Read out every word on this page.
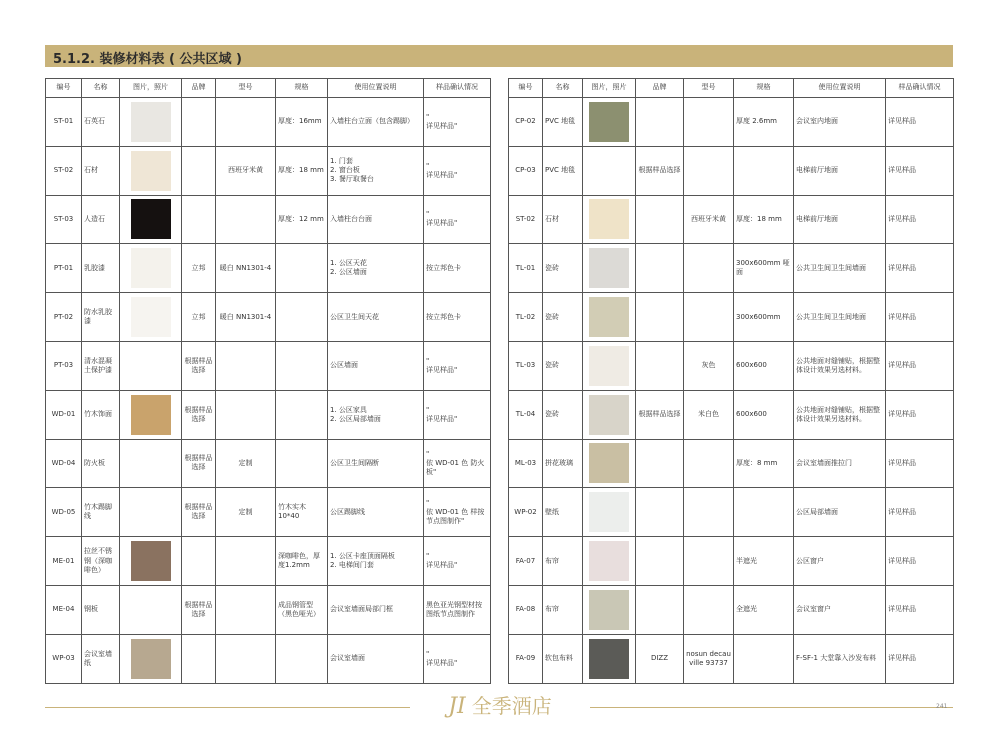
5.1.2. 装修材料表 ( 公共区域 )
编号	名称	图片，照片	品牌	型号	规格	使用位置说明	样品确认情况
ST-01	石英石				厚度：16mm	入墙柱台立面（包含踢脚）	"
详见样品"
ST-02	石材			西班牙米黄	厚度：18 mm	1. 门套
2. 窗台板
3. 餐厅取餐台	"
详见样品"
ST-03	人造石				厚度：12 mm	入墙柱台台面	"
详见样品"
PT-01	乳胶漆		立邦	暖白 NN1301-4		1. 公区天花
2. 公区墙面	按立邦色卡
PT-02	防水乳胶漆		立邦	暖白 NN1301-4		公区卫生间天花	按立邦色卡
PT-03	清水混凝土保护漆		根据样品选择			公区墙面	"
详见样品"
WD-01	竹木饰面		根据样品选择			1. 公区家具
2. 公区局部墙面	"
详见样品"
WD-04	防火板		根据样品选择	定制		公区卫生间隔断	"
依 WD-01 色 防火板"
WD-05	竹木踢脚线		根据样品选择	定制	竹木实木
10*40	公区踢脚线	"
依 WD-01 色 样按节点图制作"
ME-01	拉丝不锈钢（深咖啡色）				深咖啡色，厚度1.2mm	1. 公区卡座顶面隔板
2. 电梯间门套	"
详见样品"
ME-04	钢板		根据样品选择		成品钢管型（黑色哑光）	会议室墙面局部门框	黑色亚光钢型材按图纸节点图制作
WP-03	会议室墙纸					会议室墙面	"
详见样品"
编号	名称	图片，照片	品牌	型号	规格	使用位置说明	样品确认情况
CP-02	PVC 地毯				厚度 2.6mm	会议室内地面	详见样品
CP-03	PVC 地毯		根据样品选择			电梯前厅地面	详见样品
ST-02	石材			西班牙米黄	厚度：18 mm	电梯前厅地面	详见样品
TL-01	瓷砖				300x600mm 哑面	公共卫生间卫生间墙面	详见样品
TL-02	瓷砖				300x600mm	公共卫生间卫生间地面	详见样品
TL-03	瓷砖			灰色	600x600	公共地面对缝铺贴，根据整体设计效果另选材料。	详见样品
TL-04	瓷砖		根据样品选择	米白色	600x600	公共地面对缝铺贴，根据整体设计效果另选材料。	详见样品
ML-03	拼花玻璃				厚度：8 mm	会议室墙面推拉门	详见样品
WP-02	壁纸					公区局部墙面	详见样品
FA-07	布帘				半遮光	公区窗户	详见样品
FA-08	布帘				全遮光	会议室窗户	详见样品
FA-09	软包布料		DIZZ	nosun decauville 93737		F-SF-1 大堂靠入沙发布料	详见样品
JI 全季酒店	241
